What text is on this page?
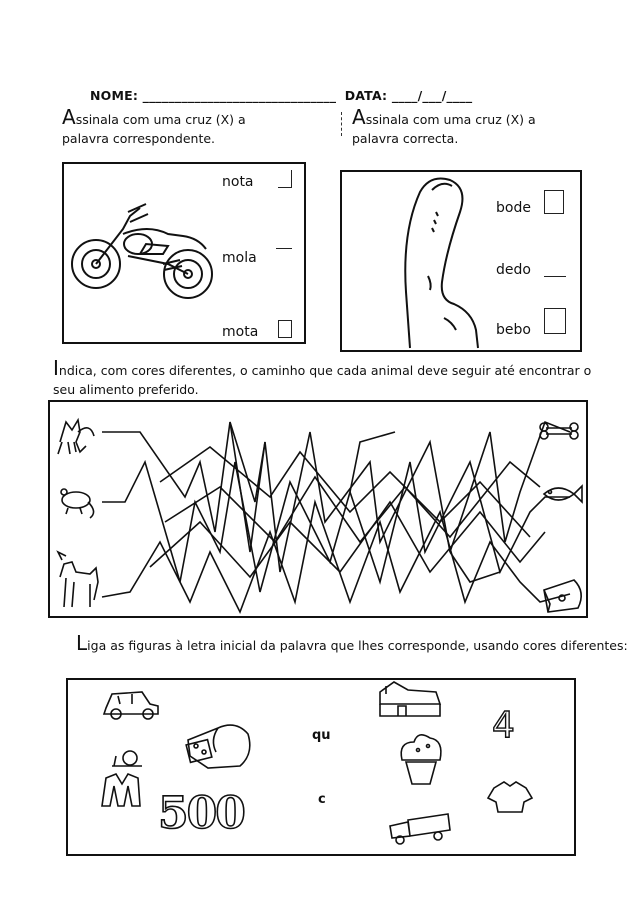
NOME: ______________________________ DATA: ____/___/____
Assinala com uma cruz (X) a
palavra correspondente.
Assinala com uma cruz (X) a
palavra correcta.
nota
mola
mota
bode
dedo
bebo
Indica, com cores diferentes, o caminho que cada animal deve seguir até encontrar o
seu alimento preferido.
Liga as figuras à letra inicial da palavra que lhes corresponde, usando cores diferentes:
500
4
qu
c
